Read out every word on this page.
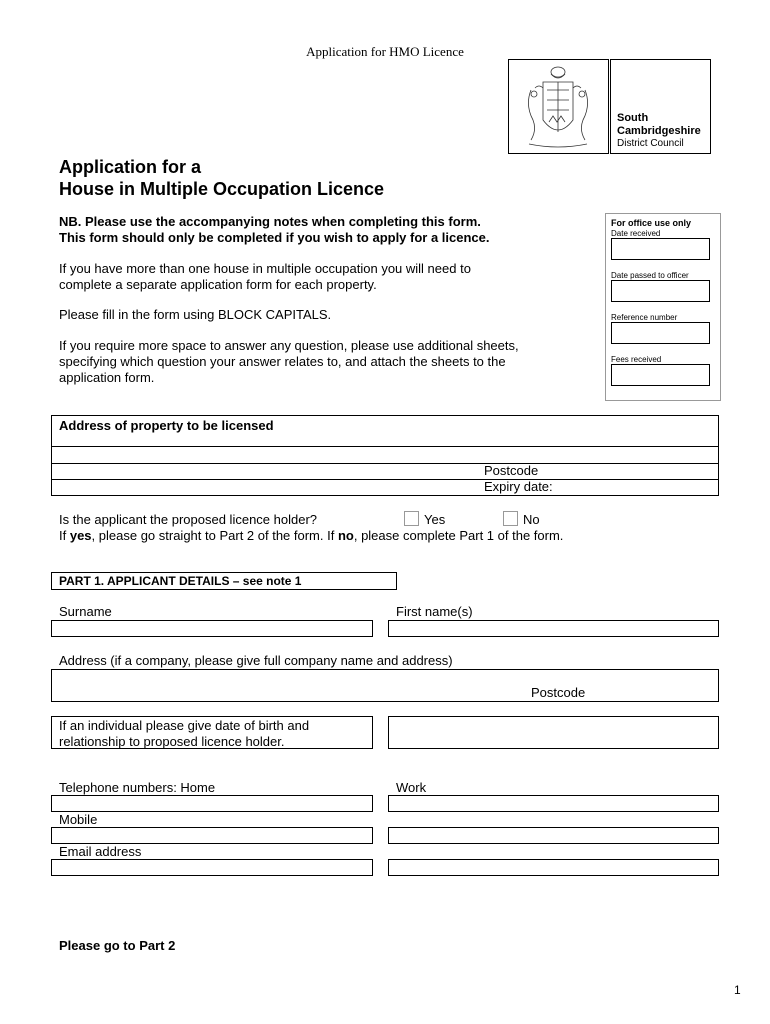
Application for HMO Licence
South
Cambridgeshire
District Council
Application for a
House in Multiple Occupation Licence
NB. Please use the accompanying notes when completing this form.
This form should only be completed if you wish to apply for a licence.
If you have more than one house in multiple occupation you will need to
complete a separate application form for each property.
Please fill in the form using BLOCK CAPITALS.
If you require more space to answer any question, please use additional sheets,
specifying which question your answer relates to, and attach the sheets to the
application form.
For office use only
Date received
Date passed to officer
Reference number
Fees received
Address of property to be licensed
Postcode
Expiry date:
Is the applicant the proposed licence holder?	Yes	No
If yes, please go straight to Part 2 of the form. If no, please complete Part 1 of the form.
PART 1. APPLICANT DETAILS – see note 1
Surname	First name(s)
Address (if a company, please give full company name and address)
Postcode
If an individual please give date of birth and
relationship to proposed licence holder.
Telephone numbers: Home	Work
Mobile
Email address
Please go to Part 2
1
